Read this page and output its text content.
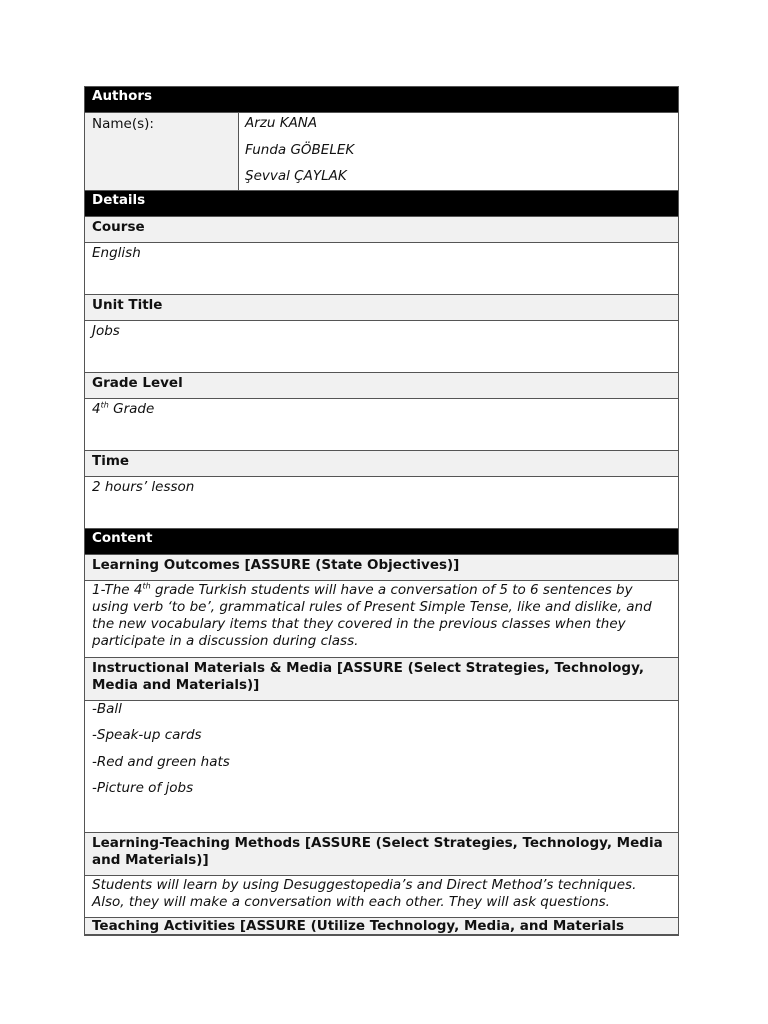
Authors
Name(s):	Arzu KANA
Funda GÖBELEK
Şevval ÇAYLAK
Details
Course
English
Unit Title
Jobs
Grade Level
4th Grade
Time
2 hours’ lesson
Content
Learning Outcomes [ASSURE (State Objectives)]
1-The 4th grade Turkish students will have a conversation of 5 to 6 sentences by using verb ‘to be’, grammatical rules of Present Simple Tense, like and dislike, and the new vocabulary items that they covered in the previous classes when they participate in a discussion during class.
Instructional Materials & Media [ASSURE (Select Strategies, Technology, Media and Materials)]
-Ball
-Speak-up cards
-Red and green hats
-Picture of jobs
Learning-Teaching Methods [ASSURE (Select Strategies, Technology, Media and Materials)]
Students will learn by using Desuggestopedia’s and Direct Method’s techniques. Also, they will make a conversation with each other. They will ask questions.
Teaching Activities [ASSURE (Utilize Technology, Media, and Materials
